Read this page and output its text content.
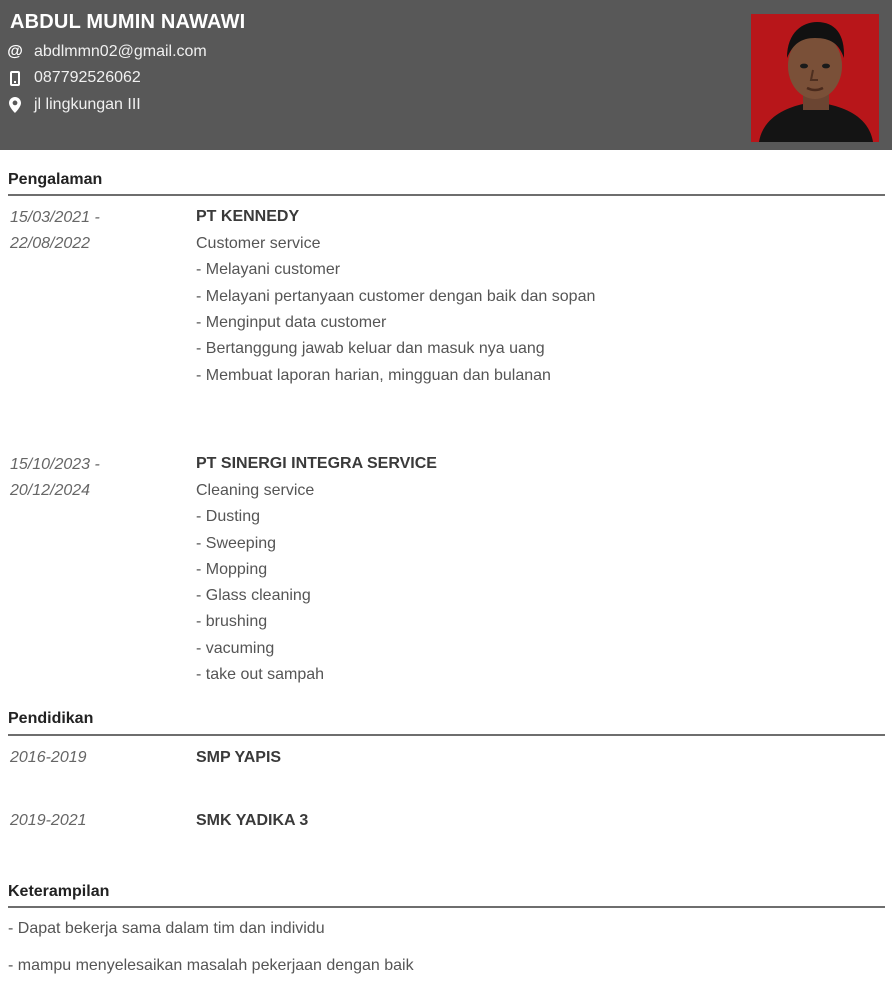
ABDUL MUMIN NAWAWI
@ abdlmmn02@gmail.com
087792526062
jl lingkungan III
Pengalaman
15/03/2021 -
22/08/2022
PT KENNEDY
Customer service
- Melayani customer
- Melayani pertanyaan customer dengan baik dan sopan
- Menginput data customer
- Bertanggung jawab keluar dan masuk nya uang
- Membuat laporan harian, mingguan dan bulanan
15/10/2023 -
20/12/2024
PT SINERGI INTEGRA SERVICE
Cleaning service
- Dusting
- Sweeping
- Mopping
- Glass cleaning
- brushing
- vacuming
- take out sampah
Pendidikan
2016-2019	SMP YAPIS
2019-2021	SMK YADIKA 3
Keterampilan
- Dapat bekerja sama dalam tim dan individu
- mampu menyelesaikan masalah pekerjaan dengan baik
